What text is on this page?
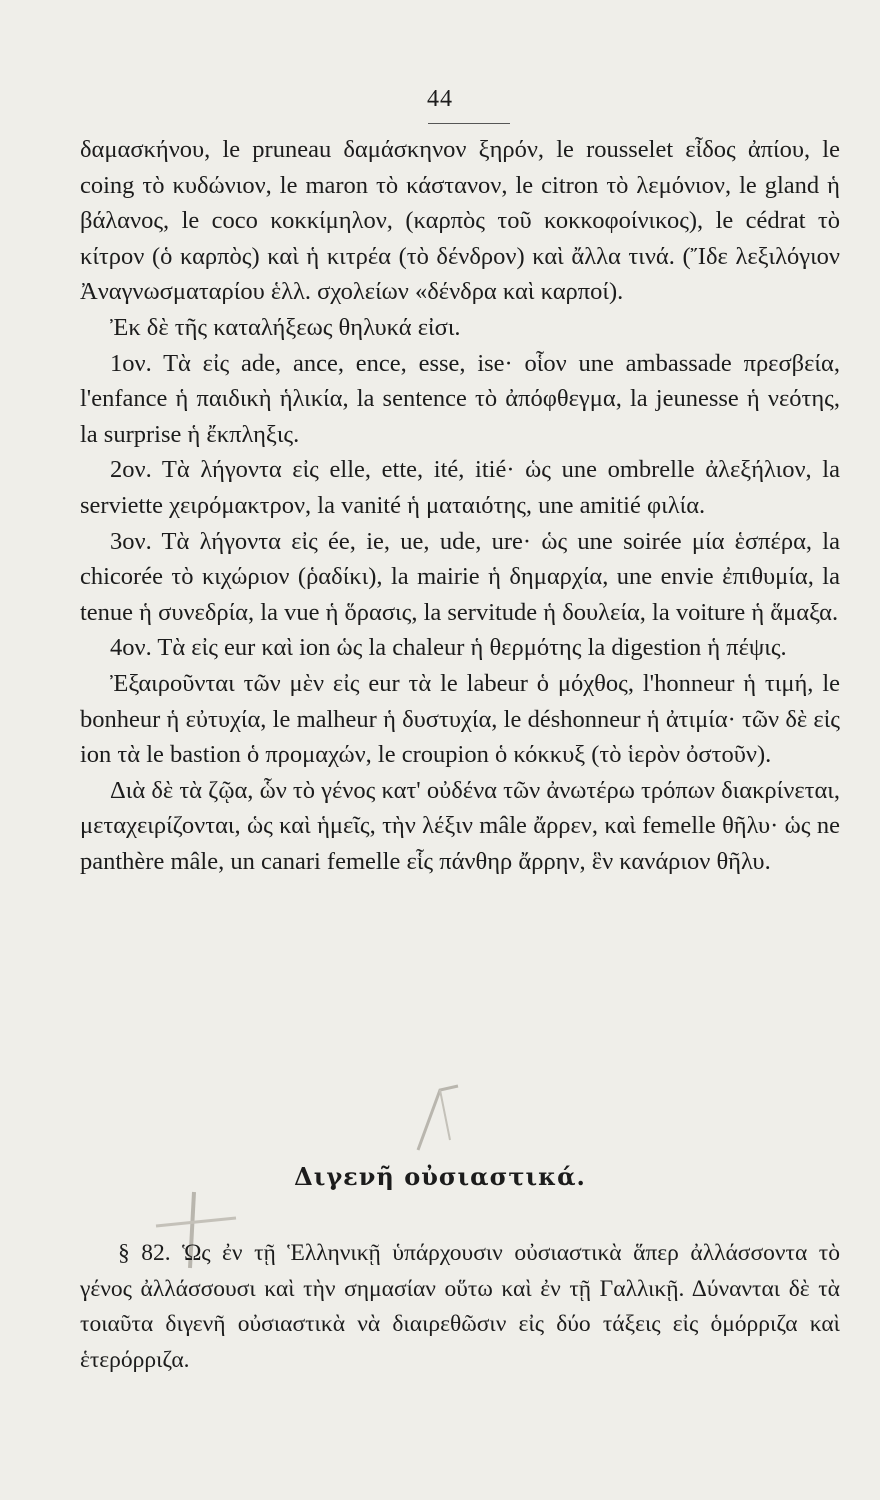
44

δαμασκήνου, le pruneau δαμάσκηνον ξηρόν, le rousselet εἶδος ἀπίου, le coing τὸ κυδώνιον, le maron τὸ κάστανον, le citron τὸ λεμόνιον, le gland ἡ βάλανος, le coco κοκκίμηλον, (καρπὸς τοῦ κοκκοφοίνικος), le cédrat τὸ κίτρον (ὁ καρπὸς) καὶ ἡ κιτρέα (τὸ δένδρον) καὶ ἄλλα τινά. (Ἴδε λεξιλόγιον Ἀναγνωσματαρίου ἑλλ. σχολείων «δένδρα καὶ καρποί).

Ἐκ δὲ τῆς καταλήξεως θηλυκά εἰσι.

1ον. Τὰ εἰς ade, ance, ence, esse, ise· οἷον une ambassade πρεσβεία, l'enfance ἡ παιδικὴ ἡλικία, la sentence τὸ ἀπόφθεγμα, la jeunesse ἡ νεότης, la surprise ἡ ἔκπληξις.

2ον. Τὰ λήγοντα εἰς elle, ette, ité, itié· ὡς une ombrelle ἀλεξήλιον, la serviette χειρόμακτρον, la vanité ἡ ματαιότης, une amitié φιλία.

3ον. Τὰ λήγοντα εἰς ée, ie, ue, ude, ure· ὡς une soirée μία ἑσπέρα, la chicorée τὸ κιχώριον (ῥαδίκι), la mairie ἡ δημαρχία, une envie ἐπιθυμία, la tenue ἡ συνεδρία, la vue ἡ ὅρασις, la servitude ἡ δουλεία, la voiture ἡ ἅμαξα.

4ον. Τὰ εἰς eur καὶ ion ὡς la chaleur ἡ θερμότης la digestion ἡ πέψις.

Ἐξαιροῦνται τῶν μὲν εἰς eur τὰ le labeur ὁ μόχθος, l'honneur ἡ τιμή, le bonheur ἡ εὐτυχία, le malheur ἡ δυστυχία, le déshonneur ἡ ἀτιμία· τῶν δὲ εἰς ion τὰ le bastion ὁ προμαχών, le croupion ὁ κόκκυξ (τὸ ἱερὸν ὀστοῦν).

Διὰ δὲ τὰ ζῷα, ὧν τὸ γένος κατ' οὐδένα τῶν ἀνωτέρω τρόπων διακρίνεται, μεταχειρίζονται, ὡς καὶ ἡμεῖς, τὴν λέξιν mâle ἄρρεν, καὶ femelle θῆλυ· ὡς ne panthère mâle, un canari femelle εἷς πάνθηρ ἄρρην, ἓν κανάριον θῆλυ.

Διγενῆ οὐσιαστικά.

§ 82. Ὡς ἐν τῇ Ἑλληνικῇ ὑπάρχουσιν οὐσιαστικὰ ἅπερ ἀλλάσσοντα τὸ γένος ἀλλάσσουσι καὶ τὴν σημασίαν οὕτω καὶ ἐν τῇ Γαλλικῇ. Δύνανται δὲ τὰ τοιαῦτα διγενῆ οὐσιαστικὰ νὰ διαιρεθῶσιν εἰς δύο τάξεις εἰς ὁμόρριζα καὶ ἑτερόρριζα.
